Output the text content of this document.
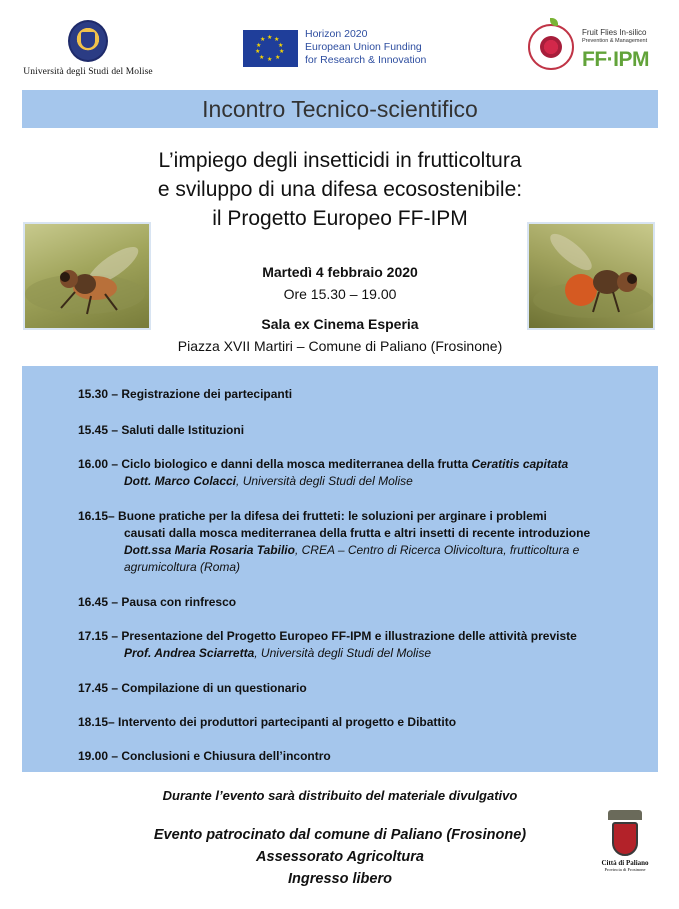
Università degli Studi del Molise
★ ★
★
★
★
★
★
★
★
★	Horizon 2020
European Union Funding
for Research & Innovation
Fruit Flies In-silico
Prevention & Management
FF·IPM
Incontro Tecnico-scientifico
L’impiego degli insetticidi in frutticoltura
e sviluppo di una difesa ecosostenibile:
il Progetto Europeo FF-IPM
Martedì 4 febbraio 2020
Ore 15.30 – 19.00
Sala ex Cinema Esperia
Piazza XVII Martiri – Comune di Paliano (Frosinone)
15.30 – Registrazione dei partecipanti
15.45 – Saluti dalle Istituzioni
16.00 – Ciclo biologico e danni della mosca mediterranea della frutta Ceratitis capitata
Dott. Marco Colacci, Università degli Studi del Molise
16.15– Buone pratiche per la difesa dei frutteti: le soluzioni per arginare i problemi
causati dalla mosca mediterranea della frutta e altri insetti di recente introduzione
Dott.ssa Maria Rosaria Tabilio, CREA – Centro di Ricerca Olivicoltura, frutticoltura e
agrumicoltura (Roma)
16.45 – Pausa con rinfresco
17.15 – Presentazione del Progetto Europeo FF-IPM e illustrazione delle attività previste
Prof. Andrea Sciarretta, Università degli Studi del Molise
17.45 – Compilazione di un questionario
18.15– Intervento dei produttori partecipanti al progetto e Dibattito
19.00 – Conclusioni e Chiusura dell’incontro
Durante l’evento sarà distribuito del materiale divulgativo
Evento patrocinato dal comune di Paliano (Frosinone)
Assessorato Agricoltura
Ingresso libero
Città di Paliano
Provincia di Frosinone
